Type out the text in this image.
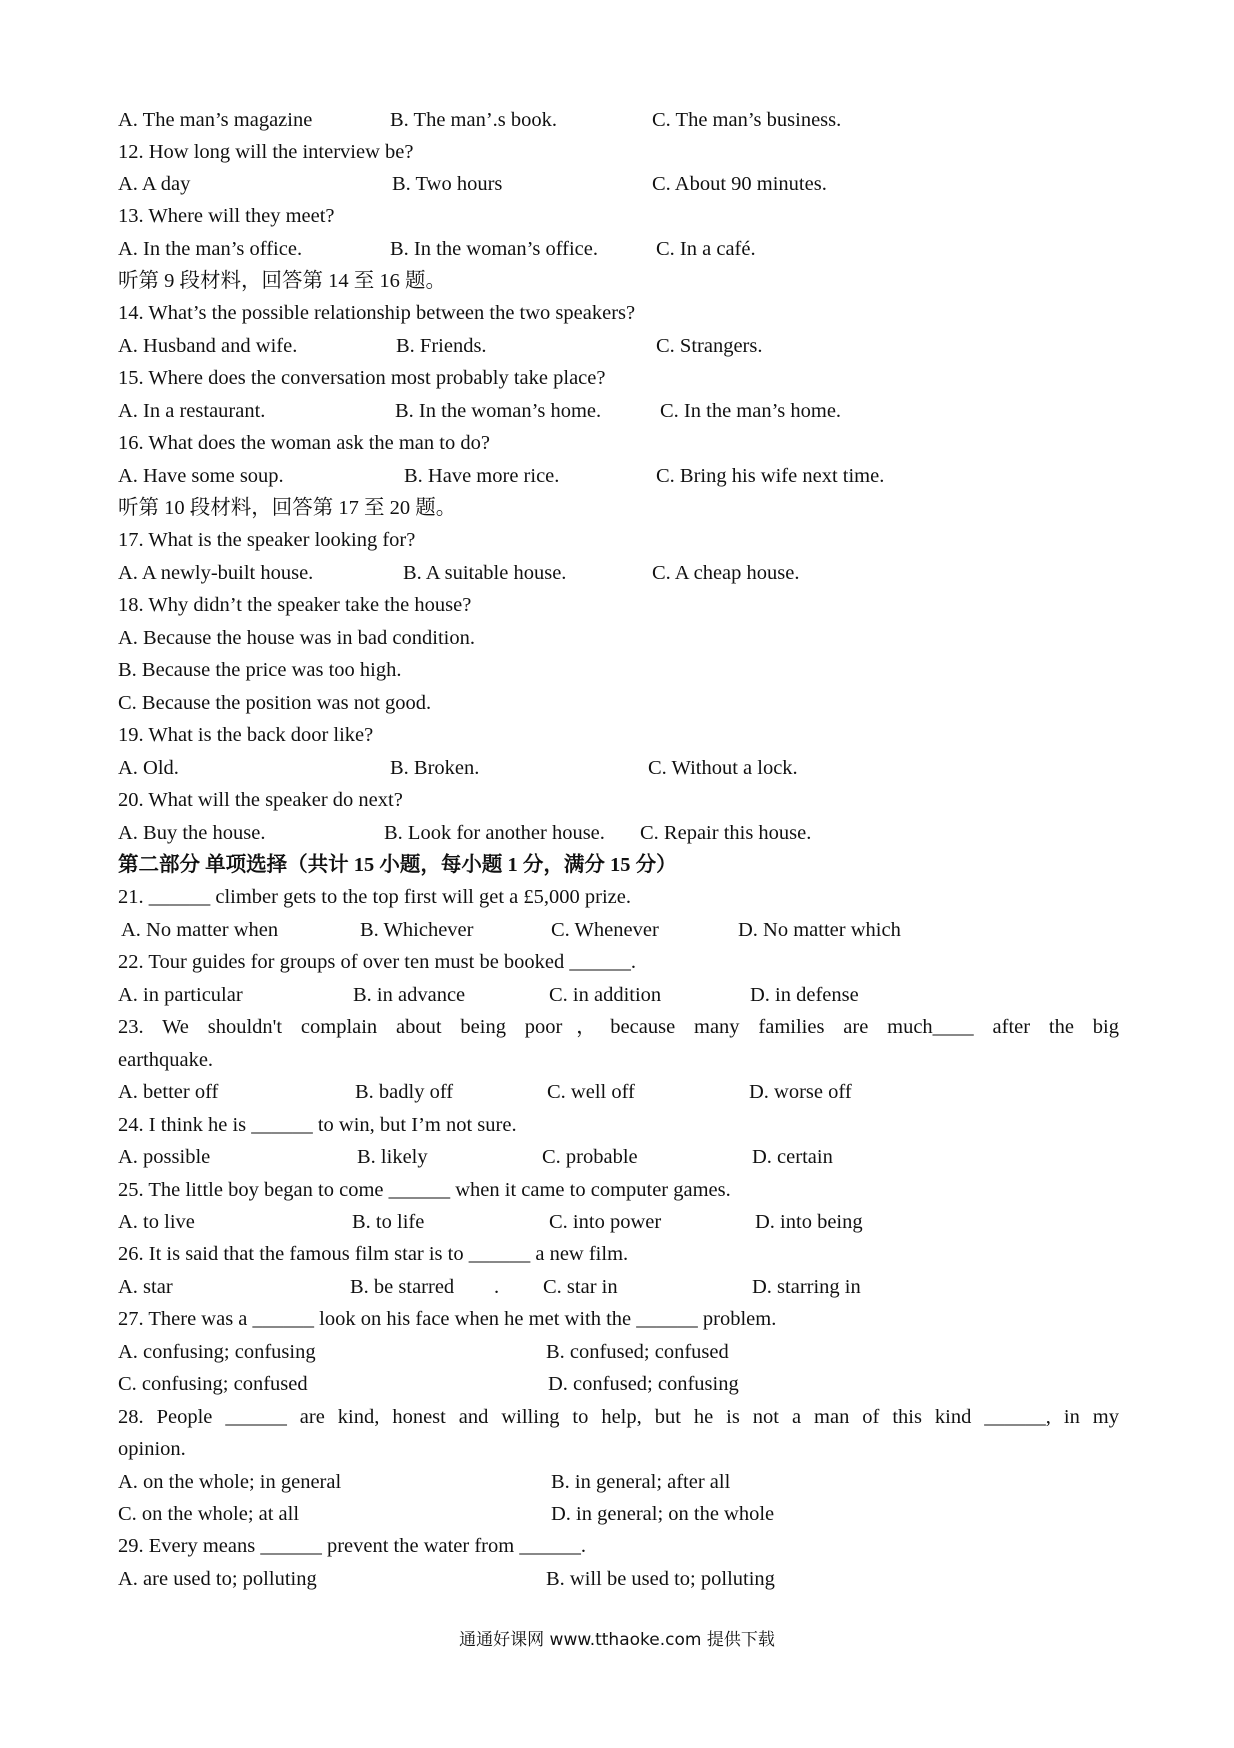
A. The man’s magazine	B. The man’.s book.	C. The man’s business.
12. How long will the interview be?
A. A day	B. Two hours	C. About 90 minutes.
13. Where will they meet?
A. In the man’s office.	B. In the woman’s office.	C. In a café.
听第 9 段材料，回答第 14 至 16 题。
14. What’s the possible relationship between the two speakers?
A. Husband and wife.	B. Friends.	C. Strangers.
15. Where does the conversation most probably take place?
A. In a restaurant.	B. In the woman’s home.	C. In the man’s home.
16. What does the woman ask the man to do?
A. Have some soup.	B. Have more rice.	C. Bring his wife next time.
听第 10 段材料，回答第 17 至 20 题。
17. What is the speaker looking for?
A. A newly-built house.	B. A suitable house.	C. A cheap house.
18. Why didn’t the speaker take the house?
A. Because the house was in bad condition.
B. Because the price was too high.
C. Because the position was not good.
19. What is the back door like?
A. Old.	B. Broken.	C. Without a lock.
20. What will the speaker do next?
A. Buy the house.	B. Look for another house. C. Repair this house.
第二部分 单项选择（共计 15 小题，每小题 1 分，满分 15 分）
21. ______ climber gets to the top first will get a £5,000 prize.
A. No matter when	B. Whichever	C. Whenever	D. No matter which
22. Tour guides for groups of over ten must be booked ______.
A. in particular	B. in advance	C. in addition	D. in defense
23. We shouldn't complain about being poor，because many families are much____ after the big
earthquake.
A. better off	B. badly off	C. well off	D. worse off
24. I think he is ______ to win, but I’m not sure.
A. possible	B. likely	C. probable	D. certain
25. The little boy began to come ______ when it came to computer games.
A. to live	B. to life	C. into power	D. into being
26. It is said that the famous film star is to ______ a new film.
A. star	B. be starred . C. star in	D. starring in
27. There was a ______ look on his face when he met with the ______ problem.
A. confusing; confusing	B. confused; confused
C. confusing; confused	D. confused; confusing
28. People ______ are kind, honest and willing to help, but he is not a man of this kind ______, in my
opinion.
A. on the whole; in general	B. in general; after all
C. on the whole; at all	D. in general; on the whole
29. Every means ______ prevent the water from ______.
A. are used to; polluting	B. will be used to; polluting
通通好课网 www.tthaoke.com 提供下载
